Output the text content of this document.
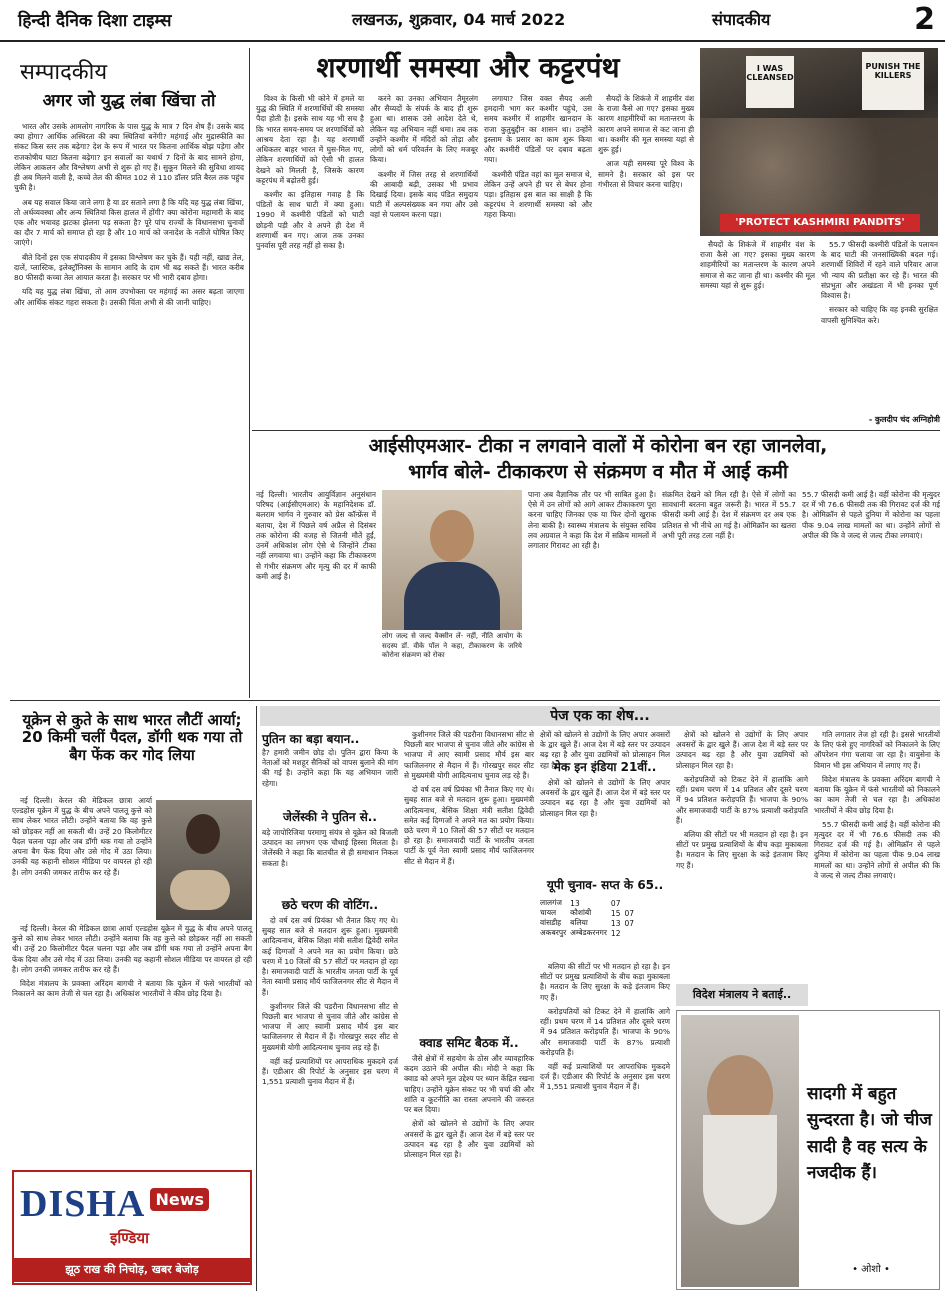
हिन्दी दैनिक दिशा टाइम्स	लखनऊ, शुक्रवार, 04 मार्च 2022	संपादकीय	2
सम्पादकीय
अगर जो युद्ध लंबा खिंचा तो

भारत और उसके आमलोग नागरिक के पास युद्ध के मात्र 7 दिन शेष हैं। उसके बाद क्या होगा? आर्थिक अस्थिरता की क्या स्थितियां बनेंगी? महंगाई और मुद्रास्फीति का संकट किस स्तर तक बढ़ेगा? देश के रूप में भारत पर कितना आर्थिक बोझ पड़ेगा और राजकोषीय घाटा कितना बढ़ेगा? इन सवालों का यथार्थ 7 दिनों के बाद सामने होगा, लेकिन आकलन और विश्लेषण अभी से शुरू हो गए हैं। सुकून मिलने की सुविधा शायद ही अब मिलने वाली है, कच्चे तेल की कीमत 102 से 110 डॉलर प्रति बैरल तक पहुंच चुकी है।

अब यह सवाल किया जाने लगा है या डर सताने लगा है कि यदि यह युद्ध लंबा खिंचा, तो अर्थव्यवस्था और अन्य स्थितियां किस हालत में होंगी? क्या कोरोना महामारी के बाद एक और भयावह झटका झेलना पड़ सकता है? पूरे पांच राज्यों के विधानसभा चुनावों का दौर 7 मार्च को समाप्त हो रहा है और 10 मार्च को जनादेश के नतीजे घोषित किए जाएंगे।

बीते दिनों इस एक संपादकीय में इसका विश्लेषण कर चुके हैं। यही नहीं, खाद्य तेल, दालें, प्लास्टिक, इलेक्ट्रॉनिक्स के सामान आदि के दाम भी बढ़ सकते हैं। भारत करीब 80 फीसदी कच्चा तेल आयात करता है। सरकार पर भी भारी दबाव होगा।

यदि यह युद्ध लंबा खिंचा, तो आम उपभोक्ता पर महंगाई का असर बढ़ता जाएगा और आर्थिक संकट गहरा सकता है। उसकी चिंता अभी से की जानी चाहिए।

शरणार्थी समस्या और कट्टरपंथ

विश्व के किसी भी कोने में हमले या युद्ध की स्थिति में शरणार्थियों की समस्या पैदा होती है। इसके साथ यह भी सच है कि भारत समय-समय पर शरणार्थियों को आश्रय देता रहा है। यह शरणार्थी अधिकतर बाहर भारत में घुस-मिल गए, लेकिन शरणार्थियों को ऐसी भी हालत देखने को मिलती है, जिसके कारण कट्टरपंथ में बढ़ोतरी हुई।

कश्मीर का इतिहास गवाह है कि पंडितों के साथ घाटी में क्या हुआ। 1990 में कश्मीरी पंडितों को घाटी छोड़नी पड़ी और वे अपने ही देश में शरणार्थी बन गए। आज तक उनका पुनर्वास पूरी तरह नहीं हो सका है।

करने का उनका अभियान तैमूरलंग और सैय्यदों के संपर्क के बाद ही शुरू हुआ था। शासक उसे आदेश देते थे, लेकिन यह अभियान नहीं थमा। तब तक उन्होंने कश्मीर में मंदिरों को तोड़ा और लोगों को धर्म परिवर्तन के लिए मजबूर किया।

कश्मीर में जिस तरह से शरणार्थियों की आबादी बढ़ी, उसका भी प्रभाव दिखाई दिया। इसके बाद पंडित समुदाय घाटी में अल्पसंख्यक बन गया और उसे वहां से पलायन करना पड़ा।

लगाया? जिस वक्त सैयद अली हमदानी भाग कर कश्मीर पहुंचे, उस समय कश्मीर में शाहमीर खानदान के राजा कुतुबुद्दीन का शासन था। उन्होंने इस्लाम के प्रसार का काम शुरू किया और कश्मीरी पंडितों पर दबाव बढ़ता गया।

कश्मीरी पंडित वहां का मूल समाज थे, लेकिन उन्हें अपने ही घर से बेघर होना पड़ा। इतिहास इस बात का साक्षी है कि कट्टरपंथ ने शरणार्थी समस्या को और गहरा किया।

सैयदों के शिकंजे में शाहमीर वंश के राजा कैसे आ गए? इसका मुख्य कारण शाहमीरियों का मतान्तरण के कारण अपने समाज से कट जाना ही था। कश्मीर की मूल समस्या यहां से शुरू हुई।

आज यही समस्या पूरे विश्व के सामने है। सरकार को इस पर गंभीरता से विचार करना चाहिए।

I WAS CLEANSED
PUNISH THE KILLERS
'PROTECT KASHMIRI PANDITS'

सैयदों के शिकंजे में शाहमीर वंश के राजा कैसे आ गए? इसका मुख्य कारण शाहमीरियों का मतान्तरण के कारण अपने समाज से कट जाना ही था। कश्मीर की मूल समस्या यहां से शुरू हुई।

55.7 फीसदी कश्मीरी पंडितों के पलायन के बाद घाटी की जनसांख्यिकी बदल गई। शरणार्थी शिविरों में रहने वाले परिवार आज भी न्याय की प्रतीक्षा कर रहे हैं। भारत की संप्रभुता और अखंडता में भी इनका पूर्ण विश्वास है।

सरकार को चाहिए कि वह इनकी सुरक्षित वापसी सुनिश्चित करे।

- कुलदीप चंद अग्निहोत्री
आईसीएमआर- टीका न लगवाने वालों में कोरोना बन रहा जानलेवा,
भार्गव बोले- टीकाकरण से संक्रमण व मौत में आई कमी
नई दिल्ली। भारतीय आयुर्विज्ञान अनुसंधान परिषद (आईसीएमआर) के महानिदेशक डॉ. बलराम भार्गव ने गुरुवार को प्रेस कॉन्फ्रेंस में बताया, देश में पिछले वर्ष अप्रैल से दिसंबर तक कोरोना की वजह से जितनी मौतें हुईं, उनमें अधिकांश लोग ऐसे थे जिन्होंने टीका नहीं लगवाया था। उन्होंने कहा कि टीकाकरण से गंभीर संक्रमण और मृत्यु की दर में काफी कमी आई है।
लोग जल्द से जल्द वैक्सीन लें- नहीं, नीति आयोग के सदस्य डॉ. वीके पॉल ने कहा, टीकाकरण के जरिये कोरोना संक्रमण को रोका
पाना अब वैज्ञानिक तौर पर भी साबित हुआ है। ऐसे में उन लोगों को आगे आकर टीकाकरण पूरा करना चाहिए जिनका एक या फिर दोनों खुराक लेना बाकी है। स्वास्थ्य मंत्रालय के संयुक्त सचिव लव अग्रवाल ने कहा कि देश में सक्रिय मामलों में लगातार गिरावट आ रही है।
संक्रमित देखने को मिल रही है। ऐसे में लोगों का सावधानी बरतना बहुत जरूरी है। भारत में 55.7 फीसदी कमी आई है। देश में संक्रमण दर अब एक प्रतिशत से भी नीचे आ गई है। ओमिक्रॉन का खतरा अभी पूरी तरह टला नहीं है।
55.7 फीसदी कमी आई है। वहीं कोरोना की मृत्युदर दर में भी 76.6 फीसदी तक की गिरावट दर्ज की गई है। ओमिक्रॉन से पहले दुनिया में कोरोना का पहला पीक 9.04 लाख मामलों का था। उन्होंने लोगों से अपील की कि वे जल्द से जल्द टीका लगवाएं।
पेज एक का शेष...
यूक्रेन से कुते के साथ भारत लौटीं आर्या; 20 किमी चलीं पैदल, डॉगी थक गया तो बैग फेंक कर गोद लिया

नई दिल्ली। केरल की मेडिकल छात्रा आर्या एल्डहोस यूक्रेन में युद्ध के बीच अपने पालतू कुत्ते को साथ लेकर भारत लौटी। उन्होंने बताया कि वह कुत्ते को छोड़कर नहीं आ सकती थी। उन्हें 20 किलोमीटर पैदल चलना पड़ा और जब डॉगी थक गया तो उन्होंने अपना बैग फेंक दिया और उसे गोद में उठा लिया। उनकी यह कहानी सोशल मीडिया पर वायरल हो रही है। लोग उनकी जमकर तारीफ कर रहे हैं।

नई दिल्ली। केरल की मेडिकल छात्रा आर्या एल्डहोस यूक्रेन में युद्ध के बीच अपने पालतू कुत्ते को साथ लेकर भारत लौटी। उन्होंने बताया कि वह कुत्ते को छोड़कर नहीं आ सकती थी। उन्हें 20 किलोमीटर पैदल चलना पड़ा और जब डॉगी थक गया तो उन्होंने अपना बैग फेंक दिया और उसे गोद में उठा लिया। उनकी यह कहानी सोशल मीडिया पर वायरल हो रही है। लोग उनकी जमकर तारीफ कर रहे हैं।

विदेश मंत्रालय के प्रवक्ता अरिंदम बागची ने बताया कि यूक्रेन में फंसे भारतीयों को निकालने का काम तेजी से चल रहा है। अधिकांश भारतीयों ने कीव छोड़ दिया है।

DISHA News
इण्डिया
झूठ राख की निचोड़, खबर बेजोड़
पुतिन का बड़ा बयान..
है? हमारी जमीन छोड़ दो। पुतिन द्वारा किया के नेताओं को मशहूर सैनिकों को वापस बुलाने की मांग की गई है। उन्होंने कहा कि यह अभियान जारी रहेगा।
जेलेंस्की ने पुतिन से..
बड़े जापोरिजिया परमाणु संयंत्र से यूक्रेन को बिजली उत्पादन का लगभग एक चौथाई हिस्सा मिलता है। जेलेंस्की ने कहा कि बातचीत से ही समाधान निकल सकता है।
छठे चरण की वोटिंग..

दो वर्ष दस वर्ष प्रियंका भी तैनात किए गए थे। सुबह सात बजे से मतदान शुरू हुआ। मुख्यमंत्री आदित्यनाथ, बेसिक शिक्षा मंत्री सतीश द्विवेदी समेत कई दिग्गजों ने अपने मत का प्रयोग किया। छठे चरण में 10 जिलों की 57 सीटों पर मतदान हो रहा है। समाजवादी पार्टी के भारतीय जनता पार्टी के पूर्व नेता स्वामी प्रसाद मौर्य फाजिलनगर सीट से मैदान में हैं।

कुशीनगर जिले की पडरौना विधानसभा सीट से पिछली बार भाजपा से चुनाव जीते और कांग्रेस से भाजपा में आए स्वामी प्रसाद मौर्य इस बार फाजिलनगर से मैदान में हैं। गोरखपुर सदर सीट से मुख्यमंत्री योगी आदित्यनाथ चुनाव लड़ रहे हैं।

वहीं कई प्रत्याशियों पर आपराधिक मुकदमे दर्ज हैं। एडीआर की रिपोर्ट के अनुसार इस चरण में 1,551 प्रत्याशी चुनाव मैदान में हैं।

कुशीनगर जिले की पडरौना विधानसभा सीट से पिछली बार भाजपा से चुनाव जीते और कांग्रेस से भाजपा में आए स्वामी प्रसाद मौर्य इस बार फाजिलनगर से मैदान में हैं। गोरखपुर सदर सीट से मुख्यमंत्री योगी आदित्यनाथ चुनाव लड़ रहे हैं।

दो वर्ष दस वर्ष प्रियंका भी तैनात किए गए थे। सुबह सात बजे से मतदान शुरू हुआ। मुख्यमंत्री आदित्यनाथ, बेसिक शिक्षा मंत्री सतीश द्विवेदी समेत कई दिग्गजों ने अपने मत का प्रयोग किया। छठे चरण में 10 जिलों की 57 सीटों पर मतदान हो रहा है। समाजवादी पार्टी के भारतीय जनता पार्टी के पूर्व नेता स्वामी प्रसाद मौर्य फाजिलनगर सीट से मैदान में हैं।

क्वाड समिट बैठक में..

जैसे क्षेत्रों में सहयोग के ठोस और व्यावहारिक कदम उठाने की अपील की। मोदी ने कहा कि क्वाड को अपने मूल उद्देश्य पर ध्यान केंद्रित रखना चाहिए। उन्होंने यूक्रेन संकट पर भी चर्चा की और शांति व कूटनीति का रास्ता अपनाने की जरूरत पर बल दिया।

क्षेत्रों को खोलने से उद्योगों के लिए अपार अवसरों के द्वार खुले हैं। आज देश में बड़े स्तर पर उत्पादन बढ़ रहा है और युवा उद्यमियों को प्रोत्साहन मिल रहा है।

क्षेत्रों को खोलने से उद्योगों के लिए अपार अवसरों के द्वार खुले हैं। आज देश में बड़े स्तर पर उत्पादन बढ़ रहा है और युवा उद्यमियों को प्रोत्साहन मिल रहा है।
मेक इन इंडिया 21वीं..

क्षेत्रों को खोलने से उद्योगों के लिए अपार अवसरों के द्वार खुले हैं। आज देश में बड़े स्तर पर उत्पादन बढ़ रहा है और युवा उद्यमियों को प्रोत्साहन मिल रहा है।

यूपी चुनाव- सप्त के 65..
लालगंज	13	07	
चायल	कौशांबी	15	07
वांसडीह	बलिया	13	07
अकबरपुर	अम्बेडकरनगर	12	

बलिया की सीटों पर भी मतदान हो रहा है। इन सीटों पर प्रमुख प्रत्याशियों के बीच कड़ा मुकाबला है। मतदान के लिए सुरक्षा के कड़े इंतजाम किए गए हैं।

करोड़पतियों को टिकट देने में हालांकि आगे रहीं। प्रथम चरण में 14 प्रतिशत और दूसरे चरण में 94 प्रतिशत करोड़पति हैं। भाजपा के 90% और समाजवादी पार्टी के 87% प्रत्याशी करोड़पति हैं।

वहीं कई प्रत्याशियों पर आपराधिक मुकदमे दर्ज हैं। एडीआर की रिपोर्ट के अनुसार इस चरण में 1,551 प्रत्याशी चुनाव मैदान में हैं।

क्षेत्रों को खोलने से उद्योगों के लिए अपार अवसरों के द्वार खुले हैं। आज देश में बड़े स्तर पर उत्पादन बढ़ रहा है और युवा उद्यमियों को प्रोत्साहन मिल रहा है।

करोड़पतियों को टिकट देने में हालांकि आगे रहीं। प्रथम चरण में 14 प्रतिशत और दूसरे चरण में 94 प्रतिशत करोड़पति हैं। भाजपा के 90% और समाजवादी पार्टी के 87% प्रत्याशी करोड़पति हैं।

बलिया की सीटों पर भी मतदान हो रहा है। इन सीटों पर प्रमुख प्रत्याशियों के बीच कड़ा मुकाबला है। मतदान के लिए सुरक्षा के कड़े इंतजाम किए गए हैं।

विदेश मंत्रालय ने बताई..

गति लगातार तेज हो रही है। इससे भारतीयों के लिए फंसे हुए नागरिकों को निकालने के लिए ऑपरेशन गंगा चलाया जा रहा है। वायुसेना के विमान भी इस अभियान में लगाए गए हैं।

विदेश मंत्रालय के प्रवक्ता अरिंदम बागची ने बताया कि यूक्रेन में फंसे भारतीयों को निकालने का काम तेजी से चल रहा है। अधिकांश भारतीयों ने कीव छोड़ दिया है।

55.7 फीसदी कमी आई है। वहीं कोरोना की मृत्युदर दर में भी 76.6 फीसदी तक की गिरावट दर्ज की गई है। ओमिक्रॉन से पहले दुनिया में कोरोना का पहला पीक 9.04 लाख मामलों का था। उन्होंने लोगों से अपील की कि वे जल्द से जल्द टीका लगवाएं।

सादगी में बहुत सुन्दरता है। जो चीज सादी है वह सत्य के नजदीक हैं।
• ओशो •
